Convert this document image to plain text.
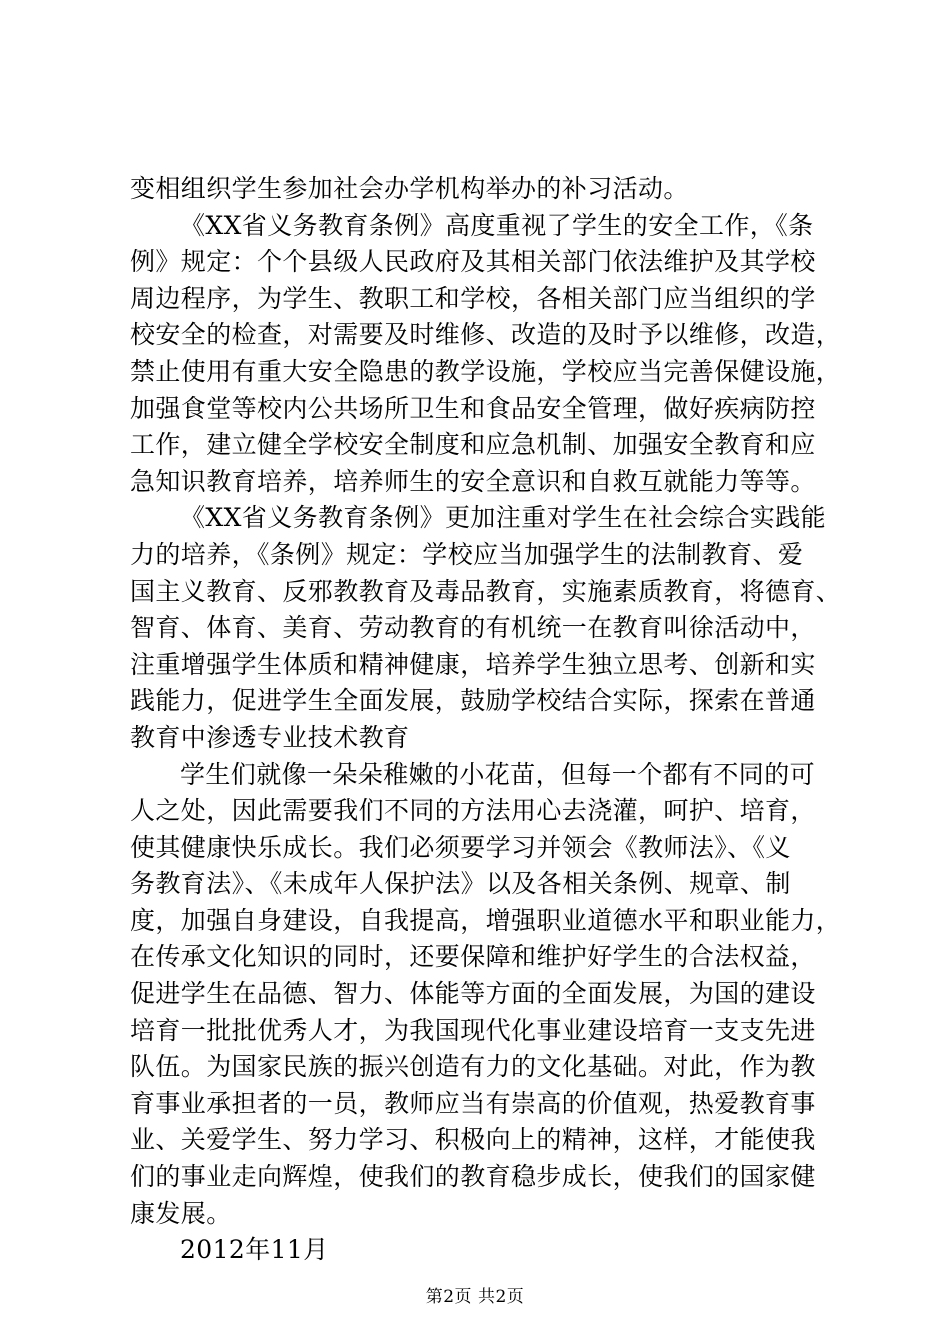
变相组织学生参加社会办学机构举办的补习活动。
《XX省义务教育条例》高度重视了学生的安全工作，《条
例》规定：个个县级人民政府及其相关部门依法维护及其学校
周边程序，为学生、教职工和学校，各相关部门应当组织的学
校安全的检查，对需要及时维修、改造的及时予以维修，改造，
禁止使用有重大安全隐患的教学设施，学校应当完善保健设施，
加强食堂等校内公共场所卫生和食品安全管理，做好疾病防控
工作，建立健全学校安全制度和应急机制、加强安全教育和应
急知识教育培养，培养师生的安全意识和自救互就能力等等。
《XX省义务教育条例》更加注重对学生在社会综合实践能
力的培养，《条例》规定：学校应当加强学生的法制教育、爱
国主义教育、反邪教教育及毒品教育，实施素质教育，将德育、
智育、体育、美育、劳动教育的有机统一在教育叫徐活动中，
注重增强学生体质和精神健康，培养学生独立思考、创新和实
践能力，促进学生全面发展，鼓励学校结合实际，探索在普通
教育中渗透专业技术教育
学生们就像一朵朵稚嫩的小花苗，但每一个都有不同的可
人之处，因此需要我们不同的方法用心去浇灌，呵护、培育，
使其健康快乐成长。我们必须要学习并领会《教师法》、《义
务教育法》、《未成年人保护法》以及各相关条例、规章、制
度，加强自身建设，自我提高，增强职业道德水平和职业能力，
在传承文化知识的同时，还要保障和维护好学生的合法权益，
促进学生在品德、智力、体能等方面的全面发展，为国的建设
培育一批批优秀人才，为我国现代化事业建设培育一支支先进
队伍。为国家民族的振兴创造有力的文化基础。对此，作为教
育事业承担者的一员，教师应当有崇高的价值观，热爱教育事
业、关爱学生、努力学习、积极向上的精神，这样，才能使我
们的事业走向辉煌，使我们的教育稳步成长，使我们的国家健
康发展。
2012年11月
第2页 共2页
